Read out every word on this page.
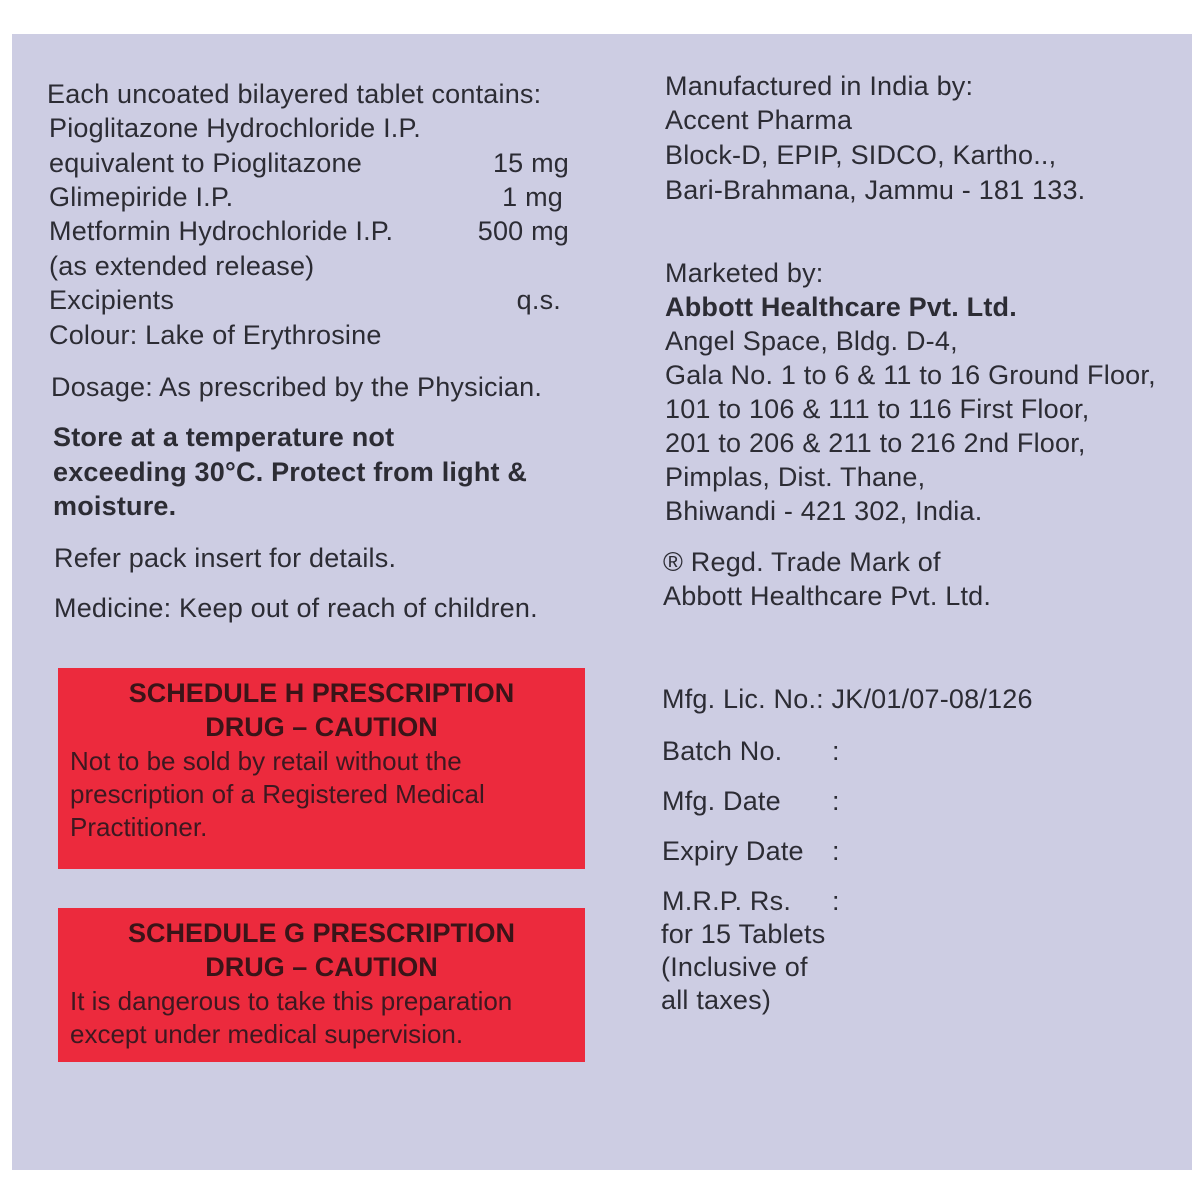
Each uncoated bilayered tablet contains:
Pioglitazone Hydrochloride I.P.
equivalent to Pioglitazone	15 mg
Glimepiride I.P.	1 mg
Metformin Hydrochloride I.P.	500 mg
(as extended release)
Excipients	q.s.
Colour: Lake of Erythrosine
Dosage: As prescribed by the Physician.
Store at a temperature not
exceeding 30°C. Protect from light &
moisture.
Refer pack insert for details.
Medicine: Keep out of reach of children.
SCHEDULE H PRESCRIPTION
DRUG – CAUTION
Not to be sold by retail without the
prescription of a Registered Medical
Practitioner.
SCHEDULE G PRESCRIPTION
DRUG – CAUTION
It is dangerous to take this preparation
except under medical supervision.
Manufactured in India by:
Accent Pharma
Block-D, EPIP, SIDCO, Kartho..,
Bari-Brahmana, Jammu - 181 133.
Marketed by:
Abbott Healthcare Pvt. Ltd.
Angel Space, Bldg. D-4,
Gala No. 1 to 6 & 11 to 16 Ground Floor,
101 to 106 & 111 to 116 First Floor,
201 to 206 & 211 to 216 2nd Floor,
Pimplas, Dist. Thane,
Bhiwandi - 421 302, India.
® Regd. Trade Mark of
Abbott Healthcare Pvt. Ltd.
Mfg. Lic. No.: JK/01/07-08/126
Batch No. :
Mfg. Date :
Expiry Date :
M.R.P. Rs. :
for 15 Tablets
(Inclusive of
all taxes)
